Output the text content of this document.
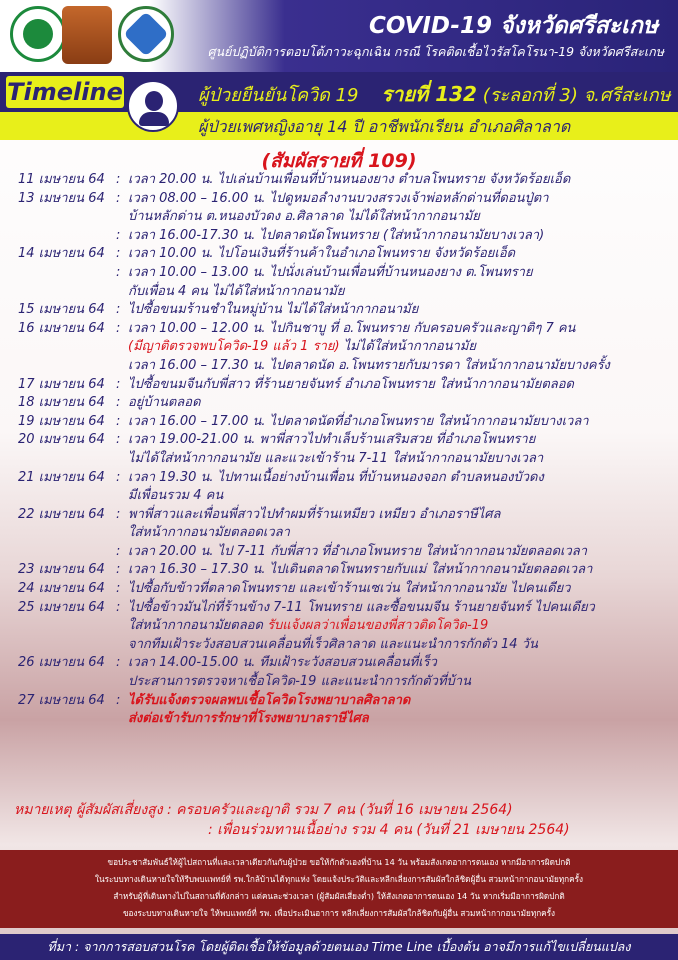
COVID-19 จังหวัดศรีสะเกษ
ศูนย์ปฏิบัติการตอบโต้ภาวะฉุกเฉิน กรณี โรคติดเชื้อไวรัสโคโรนา-19 จังหวัดศรีสะเกษ
Timeline	ผู้ป่วยยืนยันโควิด 19 รายที่ 132 (ระลอกที่ 3) จ.ศรีสะเกษ
ผู้ป่วยเพศหญิงอายุ 14 ปี อาชีพนักเรียน อำเภอศิลาลาด
(สัมผัสรายที่ 109)
11 เมษายน 64 : เวลา 20.00 น. ไปเล่นบ้านเพื่อนที่บ้านหนองยาง ตำบลโพนทราย จังหวัดร้อยเอ็ด
13 เมษายน 64 : เวลา 08.00 – 16.00 น. ไปดูหมอลำงานบวงสรวงเจ้าพ่อหลักด่านที่ดอนปู่ตา
บ้านหลักด่าน ต.หนองบัวดง อ.ศิลาลาด ไม่ได้ใส่หน้ากากอนามัย
: เวลา 16.00-17.30 น. ไปตลาดนัดโพนทราย (ใส่หน้ากากอนามัยบางเวลา)
14 เมษายน 64 : เวลา 10.00 น. ไปโอนเงินที่ร้านค้าในอำเภอโพนทราย จังหวัดร้อยเอ็ด
: เวลา 10.00 – 13.00 น. ไปนั่งเล่นบ้านเพื่อนที่บ้านหนองยาง ต.โพนทราย
กับเพื่อน 4 คน ไม่ได้ใส่หน้ากากอนามัย
15 เมษายน 64 : ไปซื้อขนมร้านชำในหมู่บ้าน ไม่ได้ใส่หน้ากากอนามัย
16 เมษายน 64 : เวลา 10.00 – 12.00 น. ไปกินชาบู ที่ อ.โพนทราย กับครอบครัวและญาติๆ 7 คน
(มีญาติตรวจพบโควิด-19 แล้ว 1 ราย) ไม่ได้ใส่หน้ากากอนามัย
เวลา 16.00 – 17.30 น. ไปตลาดนัด อ.โพนทรายกับมารดา ใส่หน้ากากอนามัยบางครั้ง
17 เมษายน 64 : ไปซื้อขนมจีนกับพี่สาว ที่ร้านยายจันทร์ อำเภอโพนทราย ใส่หน้ากากอนามัยตลอด
18 เมษายน 64 : อยู่บ้านตลอด
19 เมษายน 64 : เวลา 16.00 – 17.00 น. ไปตลาดนัดที่อำเภอโพนทราย ใส่หน้ากากอนามัยบางเวลา
20 เมษายน 64 : เวลา 19.00-21.00 น. พาพี่สาวไปทำเล็บร้านเสริมสวย ที่อำเภอโพนทราย
ไม่ได้ใส่หน้ากากอนามัย และแวะเข้าร้าน 7-11 ใส่หน้ากากอนามัยบางเวลา
21 เมษายน 64 : เวลา 19.30 น. ไปทานเนื้อย่างบ้านเพื่อน ที่บ้านหนองจอก ตำบลหนองบัวดง
มีเพื่อนรวม 4 คน
22 เมษายน 64 : พาพี่สาวและเพื่อนพี่สาวไปทำผมที่ร้านเหมียว เหมียว อำเภอราษีไศล
ใส่หน้ากากอนามัยตลอดเวลา
: เวลา 20.00 น. ไป 7-11 กับพี่สาว ที่อำเภอโพนทราย ใส่หน้ากากอนามัยตลอดเวลา
23 เมษายน 64 : เวลา 16.30 – 17.30 น. ไปเดินตลาดโพนทรายกับแม่ ใส่หน้ากากอนามัยตลอดเวลา
24 เมษายน 64 : ไปซื้อกับข้าวที่ตลาดโพนทราย และเข้าร้านเซเว่น ใส่หน้ากากอนามัย ไปคนเดียว
25 เมษายน 64 : ไปซื้อข้าวมันไก่ที่ร้านข้าง 7-11 โพนทราย และซื้อขนมจีน ร้านยายจันทร์ ไปคนเดียว
ใส่หน้ากากอนามัยตลอด รับแจ้งผลว่าเพื่อนของพี่สาวติดโควิด-19
จากทีมเฝ้าระวังสอบสวนเคลื่อนที่เร็วศิลาลาด และแนะนำการกักตัว 14 วัน
26 เมษายน 64 : เวลา 14.00-15.00 น. ทีมเฝ้าระวังสอบสวนเคลื่อนที่เร็ว
ประสานการตรวจหาเชื้อโควิด-19 และแนะนำการกักตัวที่บ้าน
27 เมษายน 64 : ได้รับแจ้งตรวจผลพบเชื้อโควิดโรงพยาบาลศิลาลาด
ส่งต่อเข้ารับการรักษาที่โรงพยาบาลราษีไศล
หมายเหตุ ผู้สัมผัสเสี่ยงสูง : ครอบครัวและญาติ รวม 7 คน (วันที่ 16 เมษายน 2564)
: เพื่อนร่วมทานเนื้อย่าง รวม 4 คน (วันที่ 21 เมษายน 2564)
ขอประชาสัมพันธ์ให้ผู้ไปสถานที่และเวลาเดียวกันกับผู้ป่วย ขอให้กักตัวเองที่บ้าน 14 วัน พร้อมสังเกตอาการตนเอง หากมีอาการผิดปกติ
ในระบบทางเดินหายใจให้รีบพบแพทย์ที่ รพ.ใกล้บ้านได้ทุกแห่ง โดยแจ้งประวัติและหลีกเลี่ยงการสัมผัสใกล้ชิดผู้อื่น สวมหน้ากากอนามัยทุกครั้ง
สำหรับผู้ที่เดินทางไปในสถานที่ดังกล่าว แต่คนละช่วงเวลา (ผู้สัมผัสเสี่ยงต่ำ) ให้สังเกตอาการตนเอง 14 วัน หากเริ่มมีอาการผิดปกติ
ของระบบทางเดินหายใจ ให้พบแพทย์ที่ รพ. เพื่อประเมินอาการ หลีกเลี่ยงการสัมผัสใกล้ชิดกับผู้อื่น สวมหน้ากากอนามัยทุกครั้ง
ที่มา : จากการสอบสวนโรค โดยผู้ติดเชื้อให้ข้อมูลด้วยตนเอง Time Line เบื้องต้น อาจมีการแก้ไขเปลี่ยนแปลง
